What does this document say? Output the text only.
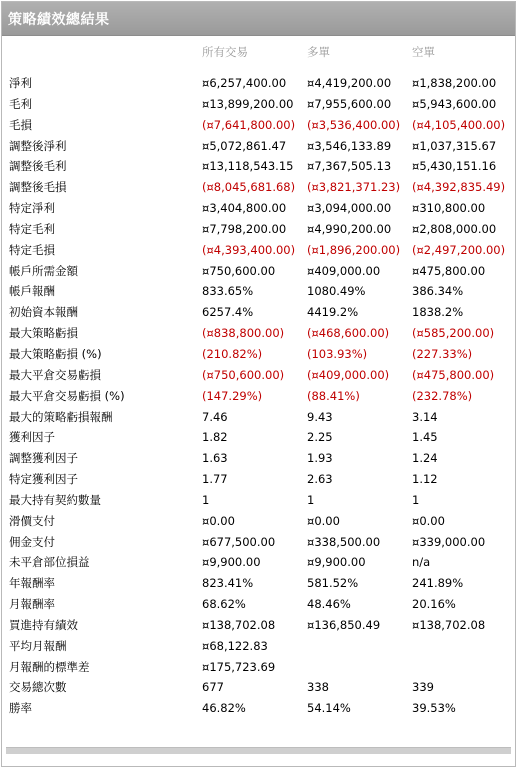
策略績效總結果
所有交易	多單	空單
淨利	¤6,257,400.00 ¤4,419,200.00 ¤1,838,200.00
毛利	¤13,899,200.00 ¤7,955,600.00 ¤5,943,600.00
毛損	(¤7,641,800.00) (¤3,536,400.00) (¤4,105,400.00)
調整後淨利	¤5,072,861.47 ¤3,546,133.89 ¤1,037,315.67
調整後毛利	¤13,118,543.15 ¤7,367,505.13 ¤5,430,151.16
調整後毛損	(¤8,045,681.68) (¤3,821,371.23) (¤4,392,835.49)
特定淨利	¤3,404,800.00 ¤3,094,000.00 ¤310,800.00
特定毛利	¤7,798,200.00 ¤4,990,200.00 ¤2,808,000.00
特定毛損	(¤4,393,400.00) (¤1,896,200.00) (¤2,497,200.00)
帳戶所需金額	¤750,600.00	¤409,000.00	¤475,800.00
帳戶報酬	833.65%	1080.49%	386.34%
初始資本報酬	6257.4%	4419.2%	1838.2%
最大策略虧損	(¤838,800.00) (¤468,600.00) (¤585,200.00)
最大策略虧損 (%)	(210.82%)	(103.93%)	(227.33%)
最大平倉交易虧損	(¤750,600.00) (¤409,000.00) (¤475,800.00)
最大平倉交易虧損 (%)	(147.29%)	(88.41%)	(232.78%)
最大的策略虧損報酬	7.46	9.43	3.14
獲利因子	1.82	2.25	1.45
調整獲利因子	1.63	1.93	1.24
特定獲利因子	1.77	2.63	1.12
最大持有契約數量	1	1	1
滑價支付	¤0.00	¤0.00	¤0.00
佣金支付	¤677,500.00	¤338,500.00	¤339,000.00
未平倉部位損益	¤9,900.00	¤9,900.00	n/a
年報酬率	823.41%	581.52%	241.89%
月報酬率	68.62%	48.46%	20.16%
買進持有績效	¤138,702.08	¤136,850.49	¤138,702.08
平均月報酬	¤68,122.83
月報酬的標準差	¤175,723.69
交易總次數	677	338	339
勝率	46.82%	54.14%	39.53%
